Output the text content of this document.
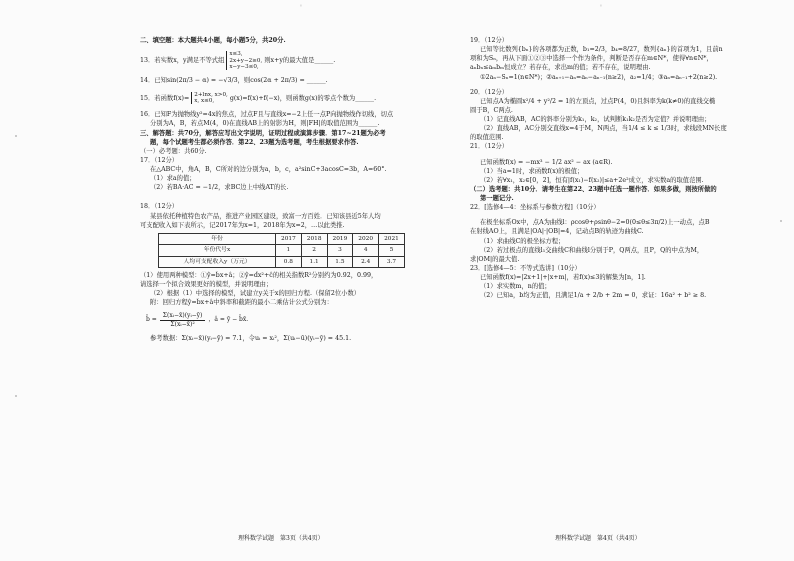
'	'
二、填空题：本大题共4小题，每小题5分，共20分.
13．若实数x，y满足不等式组
x≤3,
2x+y−2≥0,
x−y−3≤0,
则x+y的最大值是______.
14．已知sin(2π/3 − α) = −√3/3，则cos(2α + 2π/3) = ______.
15．若函数f(x)= 2+lnx, x>0,
x, x≤0,	g(x)=f(x)+f(−x)，则函数g(x)的零点个数为______.
16．已知F为抛物线y²=4x的焦点，过点F且与直线x=−2上任一点P向抛物线作切线，切点
分别为A，B，若点M(4，0)在直线AB上的射影为H，则|FH|的取值范围为______.
三、解答题：共70分，解答应写出文字说明，证明过程或演算步骤．第17~21题为必考
题，每个试题考生都必须作答．第22、23题为选考题，考生根据要求作答.
（一）必考题：共60分.
17．（12分）
在△ABC中，角A，B，C所对的边分别为a，b，c，a²sinC+3acosC=3b，A=60°.
（1）求a的值；
（2）若BA·AC = −1/2，求BC边上中线AT的长.
18．（12分）
某县依托种植特色农产品，推进产业园区建设，致富一方百姓．已知该县近5年人均
可支配收入如下表所示，记2017年为x=1，2018年为x=2，…以此类推.
年份	2017	2018	2019	2020	2021
年份代号x	1	2	3	4	5
人均可支配收入y（万元）	0.8	1.1	1.5	2.4	3.7
（1）使用两种模型：①ŷ=b̂x+â；②ŷ=d̂x²+ĉ的相关指数R²分别约为0.92，0.99，
请选择一个拟合效果更好的模型，并说明理由；
（2）根据（1）中选择的模型，试建立y关于x的回归方程.（保留2位小数）
附：回归方程ŷ=b̂x+â中斜率和截距的最小二乘估计公式分别为：
b̂ = $\frac{\text{Σ(xᵢ−x̄)(yᵢ−ȳ)}}{\text{Σ(xᵢ−x̄)²}}$ ，â = ȳ − b̂x̄.
参考数据：Σ(xᵢ−x̄)(yᵢ−ȳ) = 7.1，令uᵢ = xᵢ²，Σ(uᵢ−ū)(yᵢ−ȳ) = 45.1.
理科数学试题　第3页（共4页）
19．（12分）
已知等比数列{bₙ}的各项都为正数，b₁=2/3，b₄=8/27，数列{aₙ}的首项为1，且前n
项和为Sₙ，再从下面①②③中选择一个作为条件，判断是否存在m∈N*，使得∀n∈N*，
aₙbₙ≤aₘbₘ恒成立？若存在，求出m的值；若不存在，说明理由.
①2aₙ−Sₙ=1(n∈N*)；②aₙ₊₁−aₙ=aₙ−aₙ₋₁(n≥2)，a₂=1/4；③aₙ=aₙ₋₁+2(n≥2).
20．（12分）
已知点A为椭圆x²/4 + y²/2 = 1的左顶点，过点P(4，0)且斜率为k(k≠0)的直线交椭
圆于B，C两点.
（1）记直线AB，AC的斜率分别为k₁，k₂，试判断k₁k₂是否为定值？并说明理由；
（2）直线AB，AC分别交直线x=4于M，N两点，当1/4 ≤ k ≤ 1/3时，求线段MN长度
的取值范围.
21．（12分）
已知函数f(x) = −mx³ − 1/2 ax² − ax (a∈R).
（1）当a=1时，求函数f(x)的极值；
（2）若∀x₁，x₂∈[0，2]，恒有|f(x₁)−f(x₂)|≤a+2e²成立，求实数a的取值范围.
（二）选考题：共10分．请考生在第22、23题中任选一题作答．如果多做，则按所做的
第一题记分.
22．[选修4—4：坐标系与参数方程]（10分）
在极坐标系Ox中，点A为曲线l：ρcosθ+ρsinθ−2=0(0≤θ≤3π/2)上一动点，点B
在射线AO上，且满足|OA|·|OB|=4，记动点B的轨迹为曲线C.
（1）求曲线C的极坐标方程；
（2）若过极点的直线l₁交曲线C和曲线l分别于P，Q两点，且P，Q的中点为M，
求|OM|的最大值.
23．[选修4—5：不等式选讲]（10分）
已知函数f(x)=|2x+1|+|x+m|，若f(x)≤3的解集为[n，1].
（1）求实数m，n的值；
（2）已知a，b均为正值，且满足1/a + 2/b + 2m = 0，求证：16a² + b² ≥ 8.
理科数学试题　第4页（共4页）
